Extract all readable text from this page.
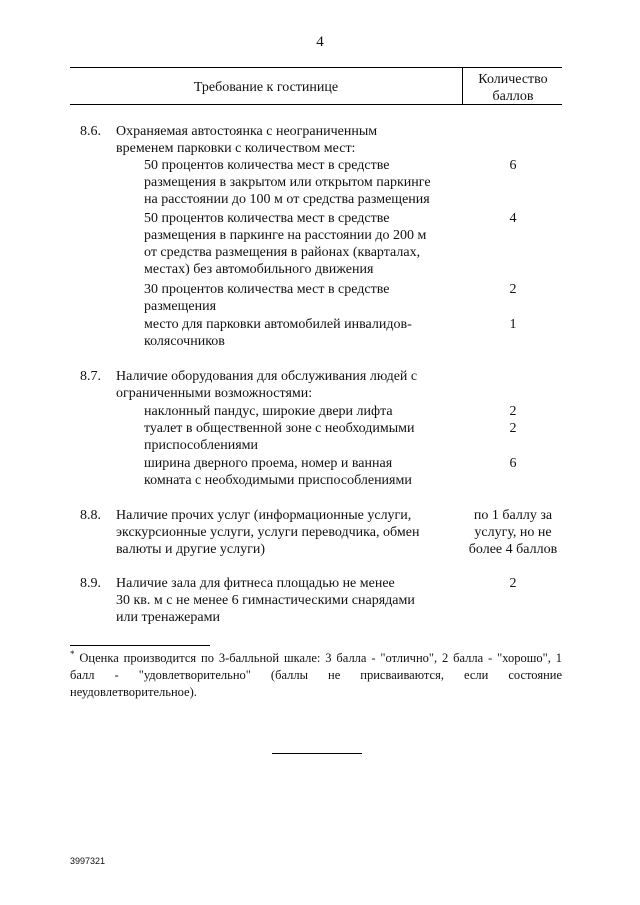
4
Требование к гостинице
Количество
баллов
8.6. Охраняемая автостоянка с неограниченным
временем парковки с количеством мест:
50 процентов количества мест в средстве
размещения в закрытом или открытом паркинге
на расстоянии до 100 м от средства размещения
6
50 процентов количества мест в средстве
размещения в паркинге на расстоянии до 200 м
от средства размещения в районах (кварталах,
местах) без автомобильного движения
4
30 процентов количества мест в средстве
размещения
2
место для парковки автомобилей инвалидов-
колясочников
1
8.7. Наличие оборудования для обслуживания людей с
ограниченными возможностями:
наклонный пандус, широкие двери лифта	2
туалет в общественной зоне с необходимыми
приспособлениями
2
ширина дверного проема, номер и ванная
комната с необходимыми приспособлениями
6
8.8. Наличие прочих услуг (информационные услуги,
экскурсионные услуги, услуги переводчика, обмен
валюты и другие услуги)
по 1 баллу за
услугу, но не
более 4 баллов
8.9. Наличие зала для фитнеса площадью не менее
30 кв. м с не менее 6 гимнастическими снарядами
или тренажерами
2
* Оценка производится по 3-балльной шкале: 3 балла - "отлично", 2 балла - "хорошо", 1 балл - "удовлетворительно" (баллы не присваиваются, если состояние неудовлетворительное).
3997321
